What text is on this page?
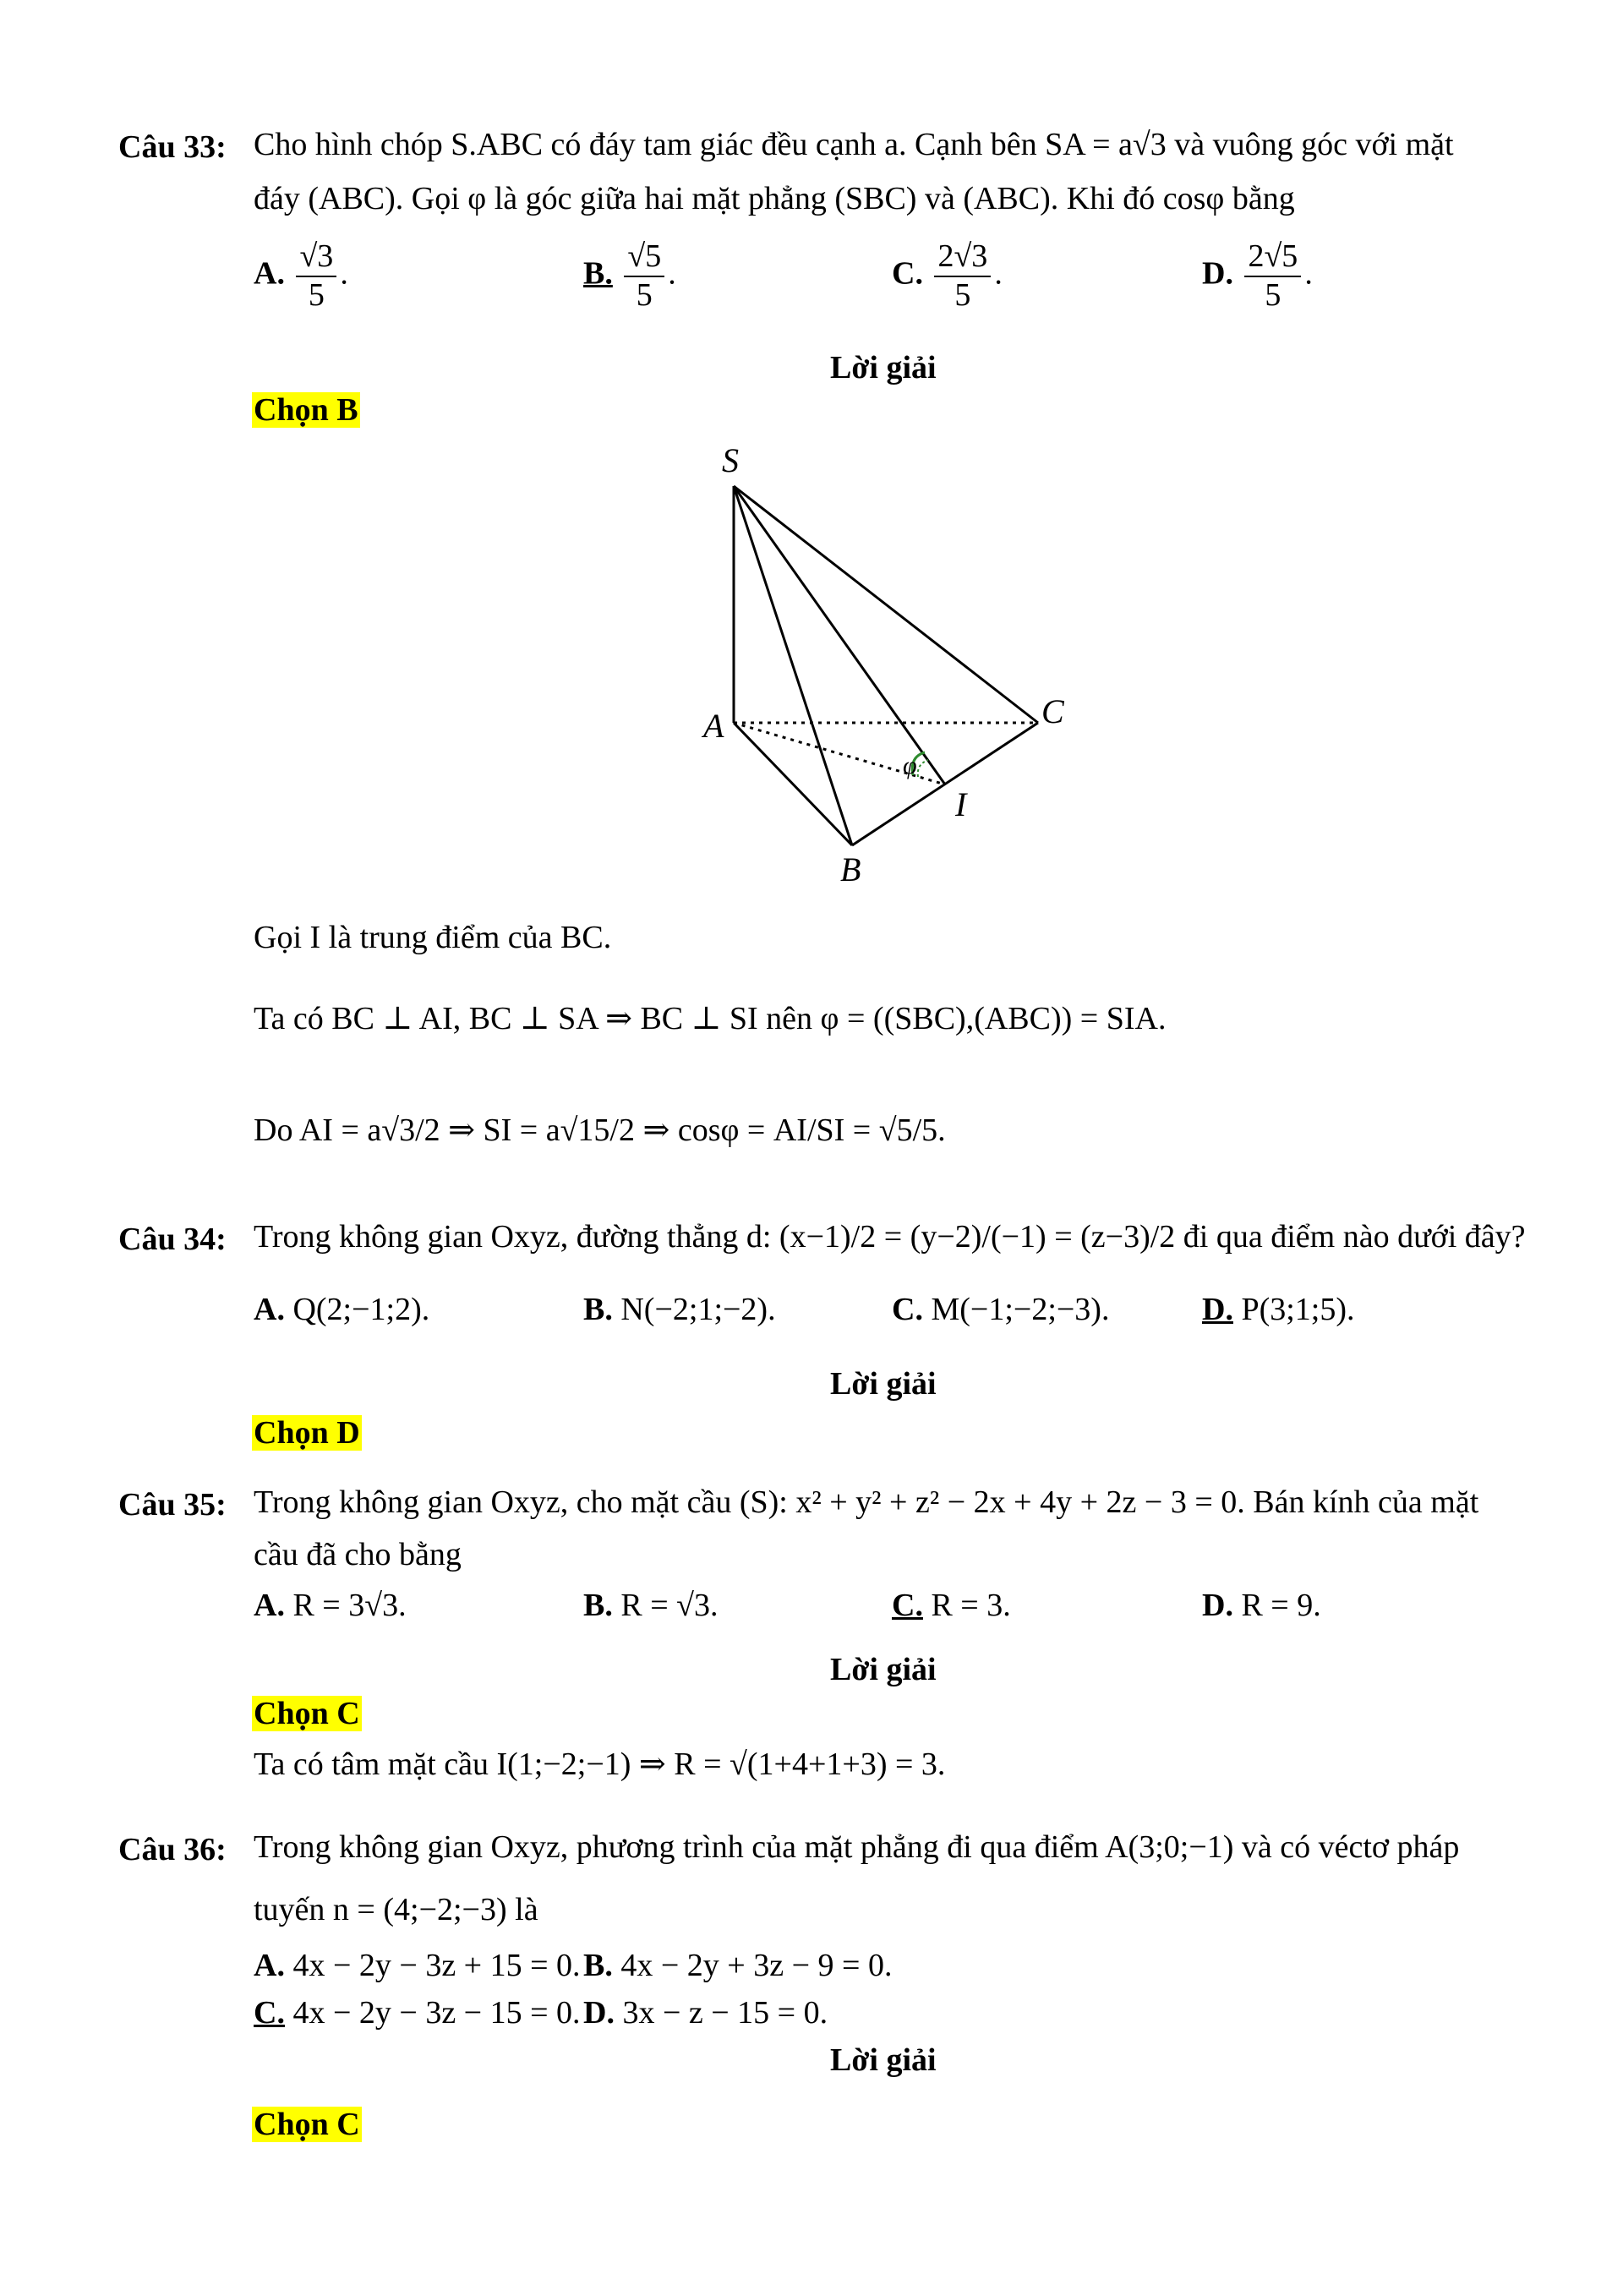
Câu 33: Cho hình chóp S.ABC có đáy tam giác đều cạnh a. Cạnh bên SA = a√3 và vuông góc với mặt
đáy (ABC). Gọi φ là góc giữa hai mặt phẳng (SBC) và (ABC). Khi đó cosφ bằng
A. $\frac{√3}{5}$ .	B. $\frac{√5}{5}$ .	C. $\frac{2√3}{5}$ .	D. $\frac{2√5}{5}$ .
Lời giải
Chọn B
S
A	C
B
I
φ
Gọi I là trung điểm của BC.
Ta có BC ⊥ AI, BC ⊥ SA ⇒ BC ⊥ SI nên φ = ((SBC),(ABC)) = SIA.
Do AI = a√3/2 ⇒ SI = a√15/2 ⇒ cosφ = AI/SI = √5/5.
Câu 34: Trong không gian Oxyz, đường thẳng d: (x−1)/2 = (y−2)/(−1) = (z−3)/2 đi qua điểm nào dưới đây?
A. Q(2;−1;2).	B. N(−2;1;−2).	C. M(−1;−2;−3).	D. P(3;1;5).
Lời giải
Chọn D
Câu 35: Trong không gian Oxyz, cho mặt cầu (S): x² + y² + z² − 2x + 4y + 2z − 3 = 0. Bán kính của mặt
cầu đã cho bằng
A. R = 3√3.	B. R = √3.	C. R = 3.	D. R = 9.
Lời giải
Chọn C
Ta có tâm mặt cầu I(1;−2;−1) ⇒ R = √(1+4+1+3) = 3.
Câu 36: Trong không gian Oxyz, phương trình của mặt phẳng đi qua điểm A(3;0;−1) và có véctơ pháp
tuyến n = (4;−2;−3) là
A. 4x − 2y − 3z + 15 = 0. B. 4x − 2y + 3z − 9 = 0.
C. 4x − 2y − 3z − 15 = 0. D. 3x − z − 15 = 0.
Lời giải
Chọn C
